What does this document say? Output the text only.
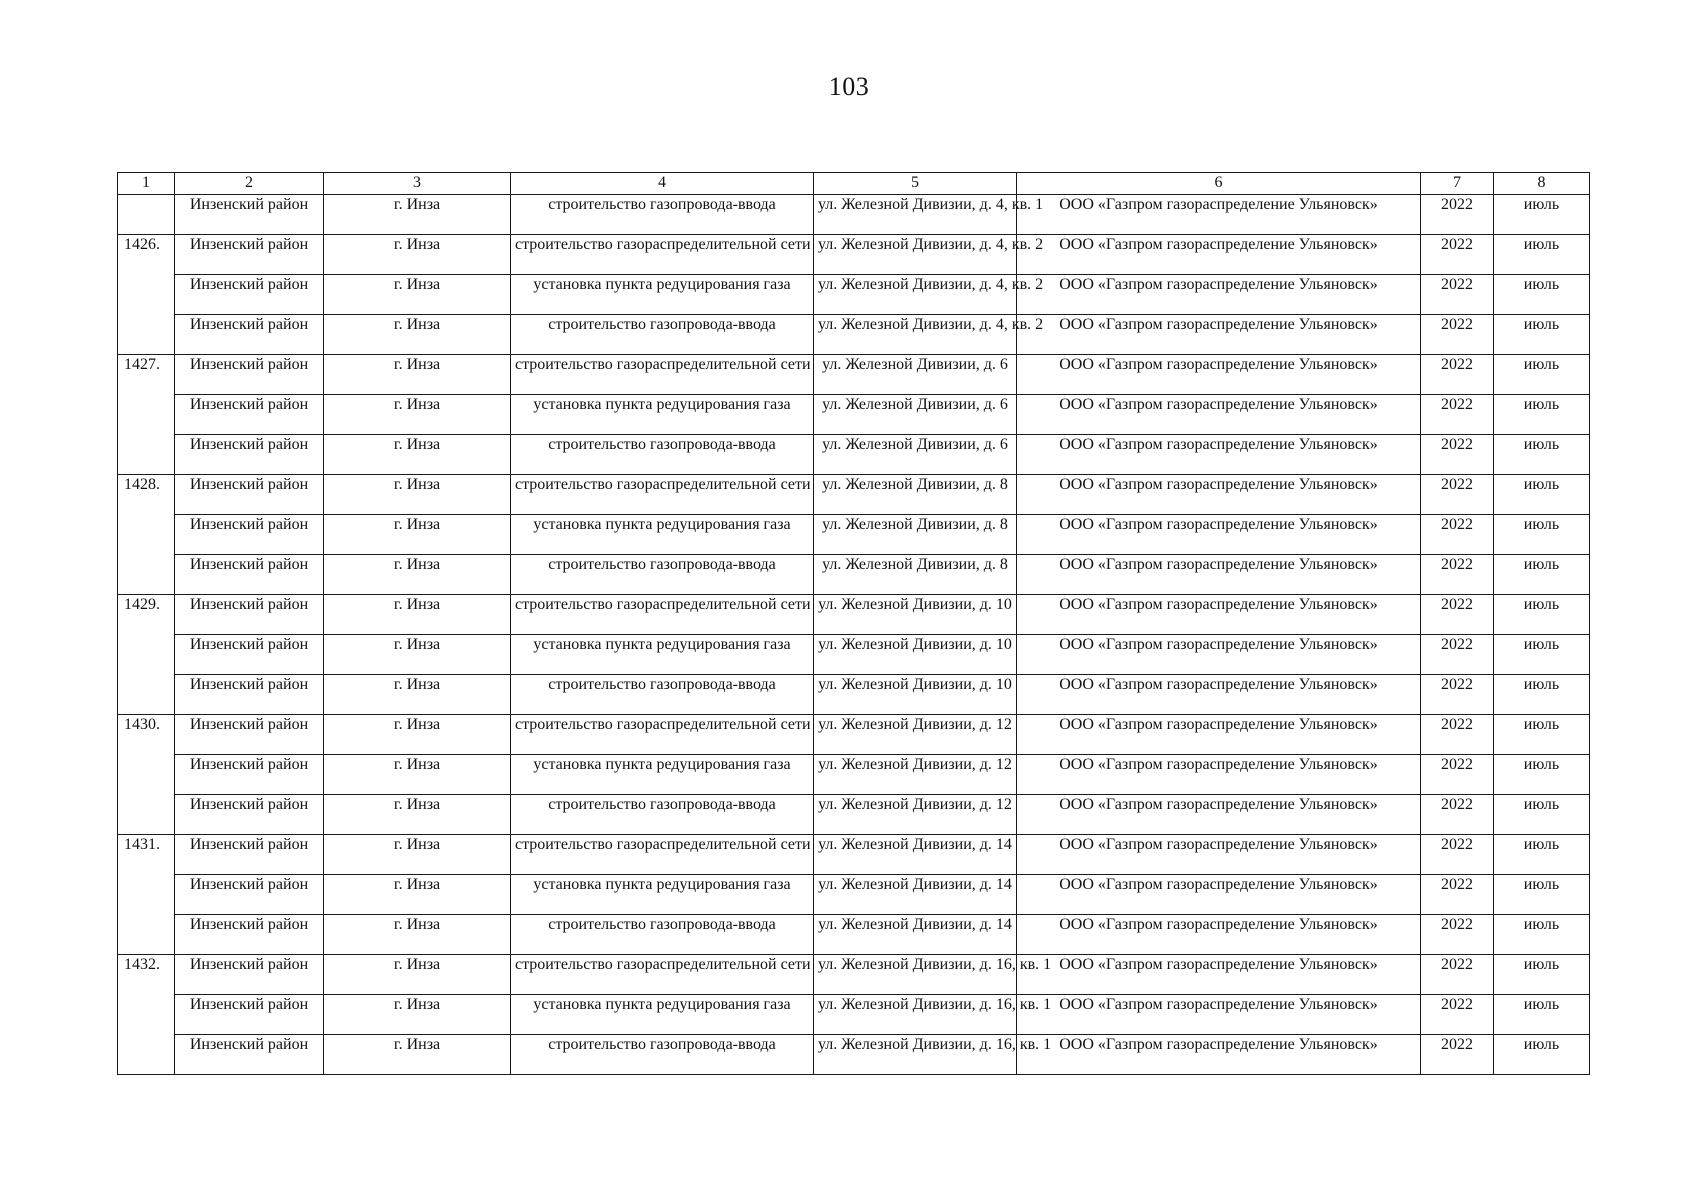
103
1	2	3	4	5	6	7	8
	Инзенский район	г. Инза	строительство газопровода-ввода	ул. Железной Дивизии, д. 4, кв. 1	ООО «Газпром газораспределение Ульяновск»	2022	июль
1426.	Инзенский район	г. Инза	строительство газораспределительной сети	ул. Железной Дивизии, д. 4, кв. 2	ООО «Газпром газораспределение Ульяновск»	2022	июль
	Инзенский район	г. Инза	установка пункта редуцирования газа	ул. Железной Дивизии, д. 4, кв. 2	ООО «Газпром газораспределение Ульяновск»	2022	июль
	Инзенский район	г. Инза	строительство газопровода-ввода	ул. Железной Дивизии, д. 4, кв. 2	ООО «Газпром газораспределение Ульяновск»	2022	июль
1427.	Инзенский район	г. Инза	строительство газораспределительной сети	ул. Железной Дивизии, д. 6	ООО «Газпром газораспределение Ульяновск»	2022	июль
	Инзенский район	г. Инза	установка пункта редуцирования газа	ул. Железной Дивизии, д. 6	ООО «Газпром газораспределение Ульяновск»	2022	июль
	Инзенский район	г. Инза	строительство газопровода-ввода	ул. Железной Дивизии, д. 6	ООО «Газпром газораспределение Ульяновск»	2022	июль
1428.	Инзенский район	г. Инза	строительство газораспределительной сети	ул. Железной Дивизии, д. 8	ООО «Газпром газораспределение Ульяновск»	2022	июль
	Инзенский район	г. Инза	установка пункта редуцирования газа	ул. Железной Дивизии, д. 8	ООО «Газпром газораспределение Ульяновск»	2022	июль
	Инзенский район	г. Инза	строительство газопровода-ввода	ул. Железной Дивизии, д. 8	ООО «Газпром газораспределение Ульяновск»	2022	июль
1429.	Инзенский район	г. Инза	строительство газораспределительной сети	ул. Железной Дивизии, д. 10	ООО «Газпром газораспределение Ульяновск»	2022	июль
	Инзенский район	г. Инза	установка пункта редуцирования газа	ул. Железной Дивизии, д. 10	ООО «Газпром газораспределение Ульяновск»	2022	июль
	Инзенский район	г. Инза	строительство газопровода-ввода	ул. Железной Дивизии, д. 10	ООО «Газпром газораспределение Ульяновск»	2022	июль
1430.	Инзенский район	г. Инза	строительство газораспределительной сети	ул. Железной Дивизии, д. 12	ООО «Газпром газораспределение Ульяновск»	2022	июль
	Инзенский район	г. Инза	установка пункта редуцирования газа	ул. Железной Дивизии, д. 12	ООО «Газпром газораспределение Ульяновск»	2022	июль
	Инзенский район	г. Инза	строительство газопровода-ввода	ул. Железной Дивизии, д. 12	ООО «Газпром газораспределение Ульяновск»	2022	июль
1431.	Инзенский район	г. Инза	строительство газораспределительной сети	ул. Железной Дивизии, д. 14	ООО «Газпром газораспределение Ульяновск»	2022	июль
	Инзенский район	г. Инза	установка пункта редуцирования газа	ул. Железной Дивизии, д. 14	ООО «Газпром газораспределение Ульяновск»	2022	июль
	Инзенский район	г. Инза	строительство газопровода-ввода	ул. Железной Дивизии, д. 14	ООО «Газпром газораспределение Ульяновск»	2022	июль
1432.	Инзенский район	г. Инза	строительство газораспределительной сети	ул. Железной Дивизии, д. 16, кв. 1	ООО «Газпром газораспределение Ульяновск»	2022	июль
	Инзенский район	г. Инза	установка пункта редуцирования газа	ул. Железной Дивизии, д. 16, кв. 1	ООО «Газпром газораспределение Ульяновск»	2022	июль
	Инзенский район	г. Инза	строительство газопровода-ввода	ул. Железной Дивизии, д. 16, кв. 1	ООО «Газпром газораспределение Ульяновск»	2022	июль
